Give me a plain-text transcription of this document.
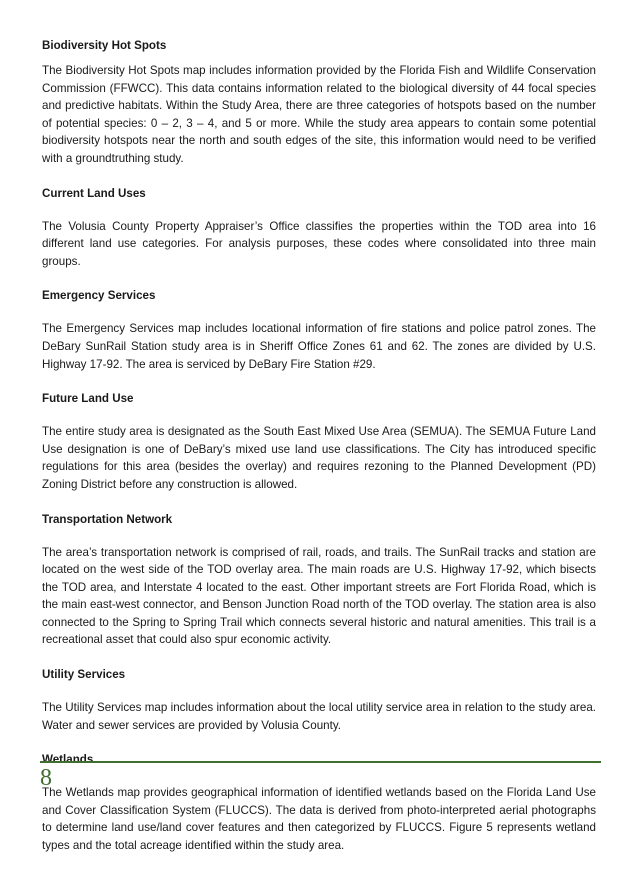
Biodiversity Hot Spots
The Biodiversity Hot Spots map includes information provided by the Florida Fish and Wildlife Conservation Commission (FFWCC). This data contains information related to the biological diversity of 44 focal species and predictive habitats. Within the Study Area, there are three categories of hotspots based on the number of potential species: 0 – 2, 3 – 4, and 5 or more. While the study area appears to contain some potential biodiversity hotspots near the north and south edges of the site, this information would need to be verified with a groundtruthing study.
Current Land Uses
The Volusia County Property Appraiser’s Office classifies the properties within the TOD area into 16 different land use categories. For analysis purposes, these codes where consolidated into three main groups.
Emergency Services
The Emergency Services map includes locational information of fire stations and police patrol zones. The DeBary SunRail Station study area is in Sheriff Office Zones 61 and 62. The zones are divided by U.S. Highway 17-92. The area is serviced by DeBary Fire Station #29.
Future Land Use
The entire study area is designated as the South East Mixed Use Area (SEMUA). The SEMUA Future Land Use designation is one of DeBary’s mixed use land use classifications. The City has introduced specific regulations for this area (besides the overlay) and requires rezoning to the Planned Development (PD) Zoning District before any construction is allowed.
Transportation Network
The area’s transportation network is comprised of rail, roads, and trails. The SunRail tracks and station are located on the west side of the TOD overlay area. The main roads are U.S. Highway 17-92, which bisects the TOD area, and Interstate 4 located to the east. Other important streets are Fort Florida Road, which is the main east-west connector, and Benson Junction Road north of the TOD overlay. The station area is also connected to the Spring to Spring Trail which connects several historic and natural amenities. This trail is a recreational asset that could also spur economic activity.
Utility Services
The Utility Services map includes information about the local utility service area in relation to the study area. Water and sewer services are provided by Volusia County.
Wetlands
The Wetlands map provides geographical information of identified wetlands based on the Florida Land Use and Cover Classification System (FLUCCS). The data is derived from photo-interpreted aerial photographs to determine land use/land cover features and then categorized by FLUCCS. Figure 5 represents wetland types and the total acreage identified within the study area.
8
